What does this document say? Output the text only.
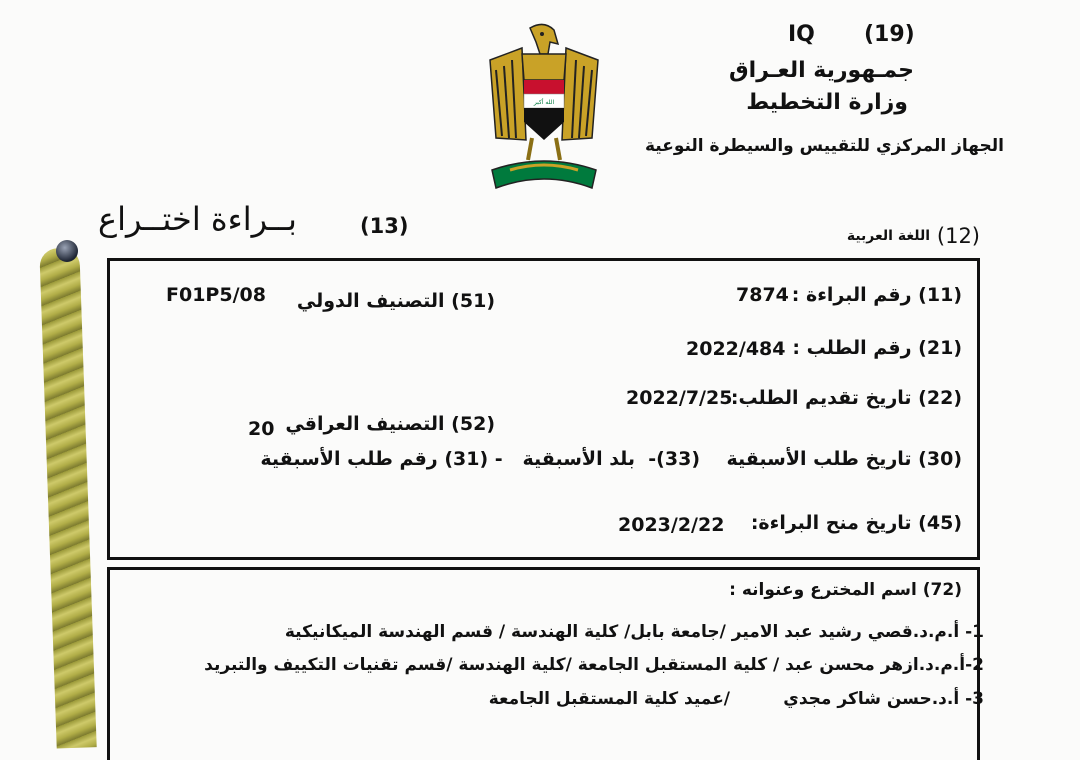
IQ (19)
جمـهورية العـراق
وزارة التخطيط
الجهاز المركزي للتقييس والسيطرة النوعية
الله أكبر
بــراءة اختــراع	(13)	(12)
اللغة العربية
(11) رقم البراءة :
7874
(51) التصنيف الدولي
F01P5/08
(21) رقم الطلب :
2022/484
(22) تاريخ تقديم الطلب:
2022/7/25
(52) التصنيف العراقي
20
(30) تاريخ طلب الأسبقية    (33)-  بلد الأسبقية   - (31) رقم طلب الأسبقية
(45) تاريخ منح البراءة:
2023/2/22
(72) اسم المخترع وعنوانه :
1- أ.م.د.قصي رشيد عبد الامير /جامعة بابل/ كلية الهندسة / قسم الهندسة الميكانيكية
2-أ.م.د.ازهر محسن عبد / كلية المستقبل الجامعة /كلية الهندسة /قسم تقنيات التكييف والتبريد
3- أ.د.حسن شاكر مجدي         /عميد كلية المستقبل الجامعة
